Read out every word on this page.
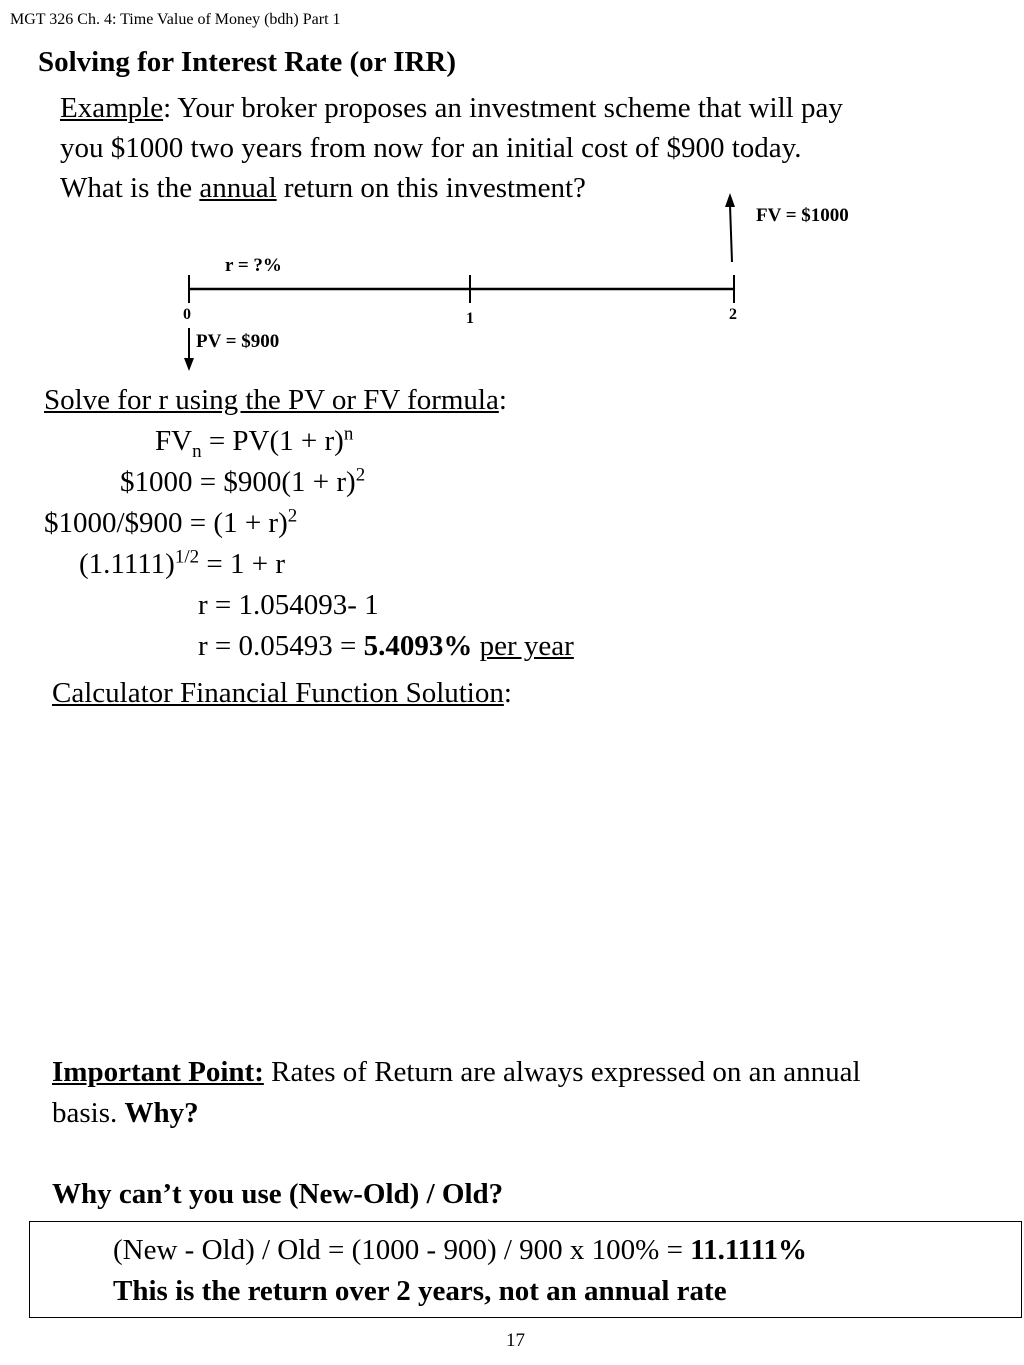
MGT 326 Ch. 4: Time Value of Money (bdh) Part 1
Solving for Interest Rate (or IRR)
Example: Your broker proposes an investment scheme that will pay
you $1000 two years from now for an initial cost of $900 today.
What is the annual return on this investment?
r = ?%
FV = $1000
PV = $900
0	1	2
Solve for r using the PV or FV formula:
$FV_n = PV(1 + r)^n$
$1000 = $900(1 + r)$^2$
$1000/$900 = $(1 + r)^2$
$(1.1111)^{1/2} = 1 + r$
r = 1.054093- 1
r = 0.05493 = 5.4093% per year
Calculator Financial Function Solution:
Important Point: Rates of Return are always expressed on an annual
basis. Why?
Why can’t you use (New-Old) / Old?
(New - Old) / Old = (1000 - 900) / 900 x 100% = 11.1111%
This is the return over 2 years, not an annual rate
17
